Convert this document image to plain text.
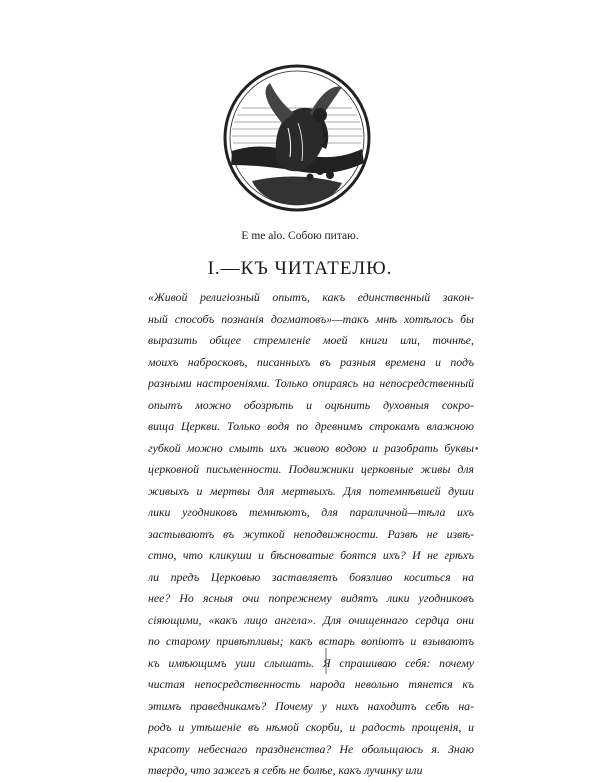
E me alo. Собою питаю.
I.—КЪ ЧИТАТЕЛЮ.
«Живой религіозный опытъ, какъ единственный закон-
ный способъ познанія догматовъ»—такъ мнѣ хотѣлось бы
выразить общее стремленіе моей книги или, точнѣе,
моихъ набросковъ, писанныхъ въ разныя времена и подъ
разными настроеніями. Только опираясь на непосредственный
опытъ можно обозрѣть и оцѣнить духовныя сокро-
вища Церкви. Только водя по древнимъ строкамъ влажною
губкой можно смыть ихъ живою водою и разобрать буквы
церковной письменности. Подвижники церковные живы для
живыхъ и мертвы для мертвыхъ. Для потемнѣвшей души
лики угодниковъ темнѣютъ, для параличной—тѣла ихъ
застываютъ въ жуткой неподвижности. Развѣ не извѣ-
стно, что кликуши и бѣсноватые боятся ихъ? И не грѣхъ
ли предъ Церковью заставляетъ боязливо коситься на
нее? Но ясныя очи попрежнему видятъ лики угодниковъ
сіяющими, «какъ лицо ангела». Для очищеннаго сердца они
по старому привѣтливы; какъ встарь вопіютъ и взываютъ
къ имѣющимъ уши слышать. Я спрашиваю себя: почему
чистая непосредственность народа невольно тянется къ
этимъ праведникамъ? Почему у нихъ находитъ себѣ на-
родъ и утѣшеніе въ нѣмой скорби, и радость прощенія, и
красоту небеснаго праздненства? Не обольщаюсь я. Знаю
твердо, что зажегъ я себѣ не болѣе, какъ лучинку или
•
